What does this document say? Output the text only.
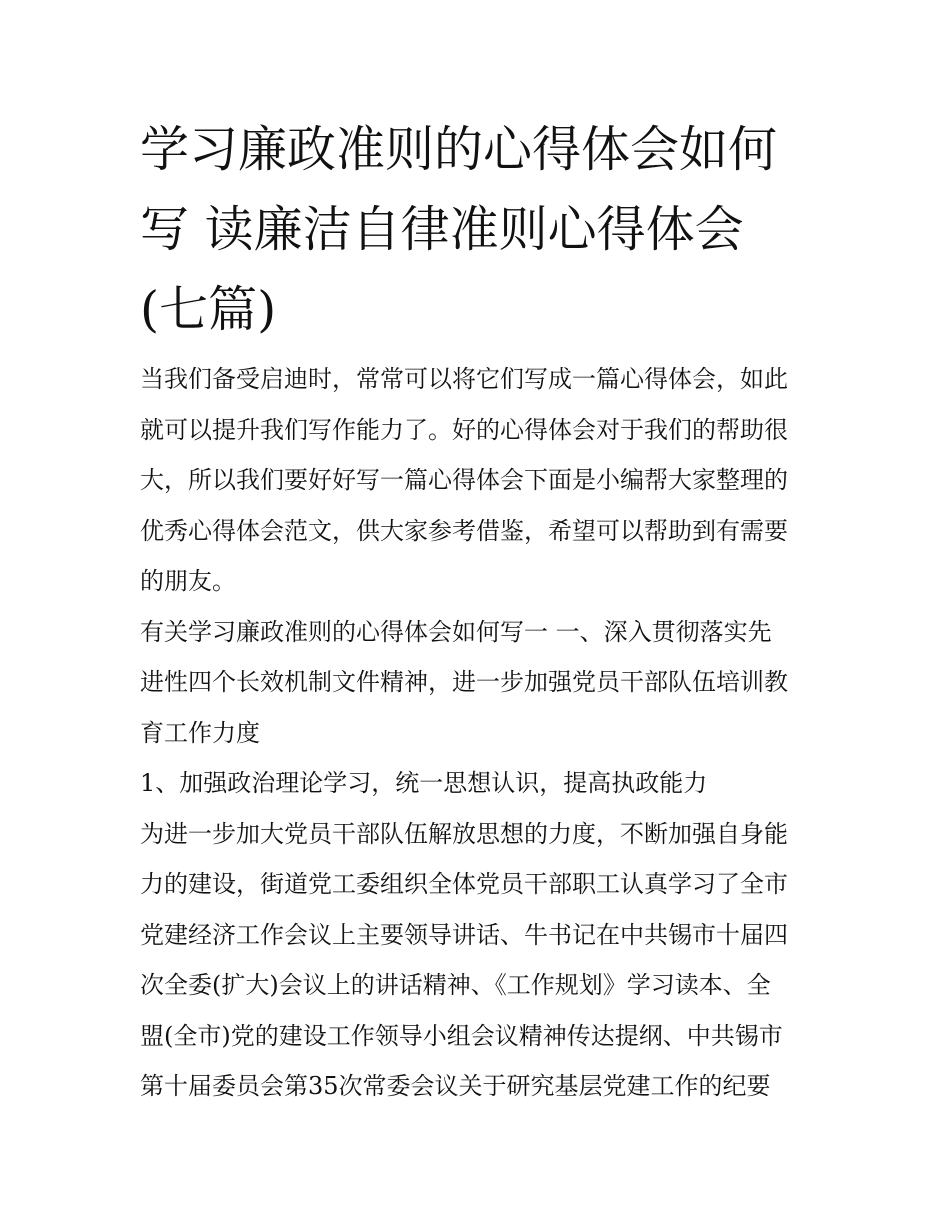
学习廉政准则的心得体会如何
写 读廉洁自律准则心得体会
(七篇)

当我们备受启迪时，常常可以将它们写成一篇心得体会，如此
就可以提升我们写作能力了。好的心得体会对于我们的帮助很
大，所以我们要好好写一篇心得体会下面是小编帮大家整理的
优秀心得体会范文，供大家参考借鉴，希望可以帮助到有需要
的朋友。

有关学习廉政准则的心得体会如何写一 一、深入贯彻落实先
进性四个长效机制文件精神，进一步加强党员干部队伍培训教
育工作力度

1、加强政治理论学习，统一思想认识，提高执政能力

为进一步加大党员干部队伍解放思想的力度，不断加强自身能
力的建设，街道党工委组织全体党员干部职工认真学习了全市
党建经济工作会议上主要领导讲话、牛书记在中共锡市十届四
次全委(扩大)会议上的讲话精神、《工作规划》学习读本、全
盟(全市)党的建设工作领导小组会议精神传达提纲、中共锡市
第十届委员会第35次常委会议关于研究基层党建工作的纪要
